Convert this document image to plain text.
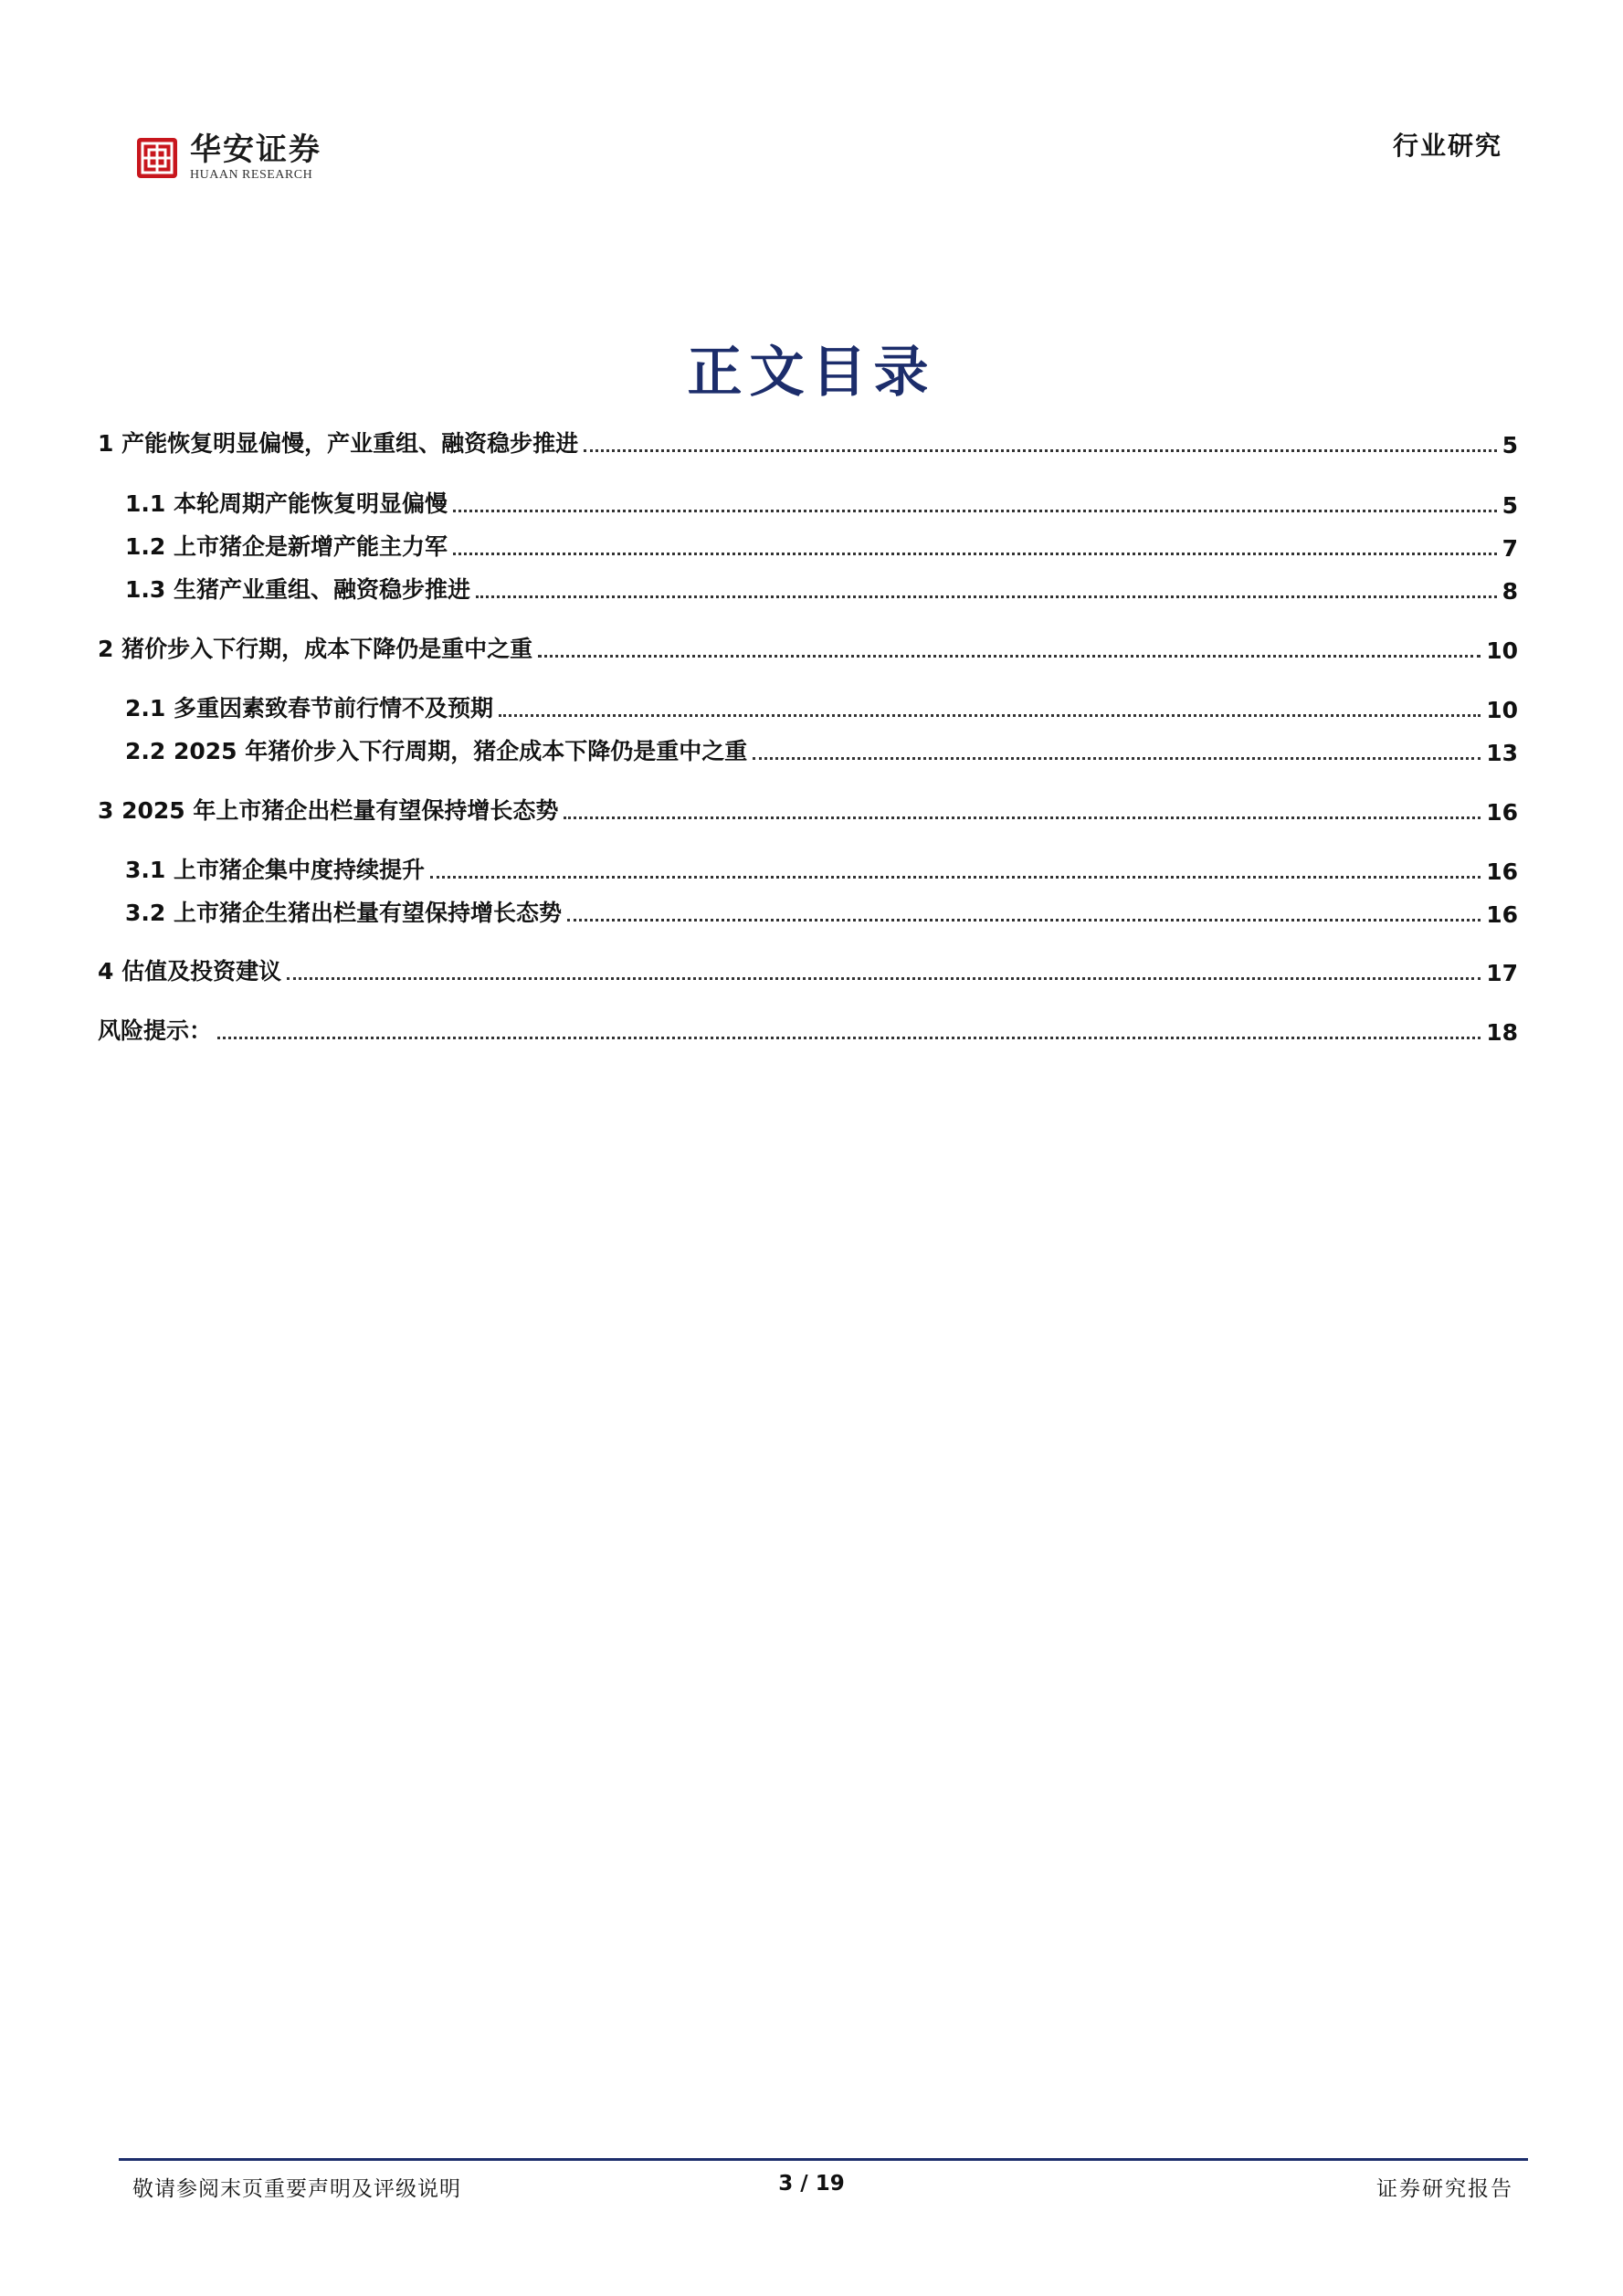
华安证券
HUAAN RESEARCH
行业研究
正文目录
1 产能恢复明显偏慢，产业重组、融资稳步推进	5
1.1 本轮周期产能恢复明显偏慢	5
1.2 上市猪企是新增产能主力军	7
1.3 生猪产业重组、融资稳步推进	8
2 猪价步入下行期，成本下降仍是重中之重	10
2.1 多重因素致春节前行情不及预期	10
2.2 2025 年猪价步入下行周期，猪企成本下降仍是重中之重	13
3 2025 年上市猪企出栏量有望保持增长态势	16
3.1 上市猪企集中度持续提升	16
3.2 上市猪企生猪出栏量有望保持增长态势	16
4 估值及投资建议	17
风险提示：	18
敬请参阅末页重要声明及评级说明	3 / 19	证券研究报告
